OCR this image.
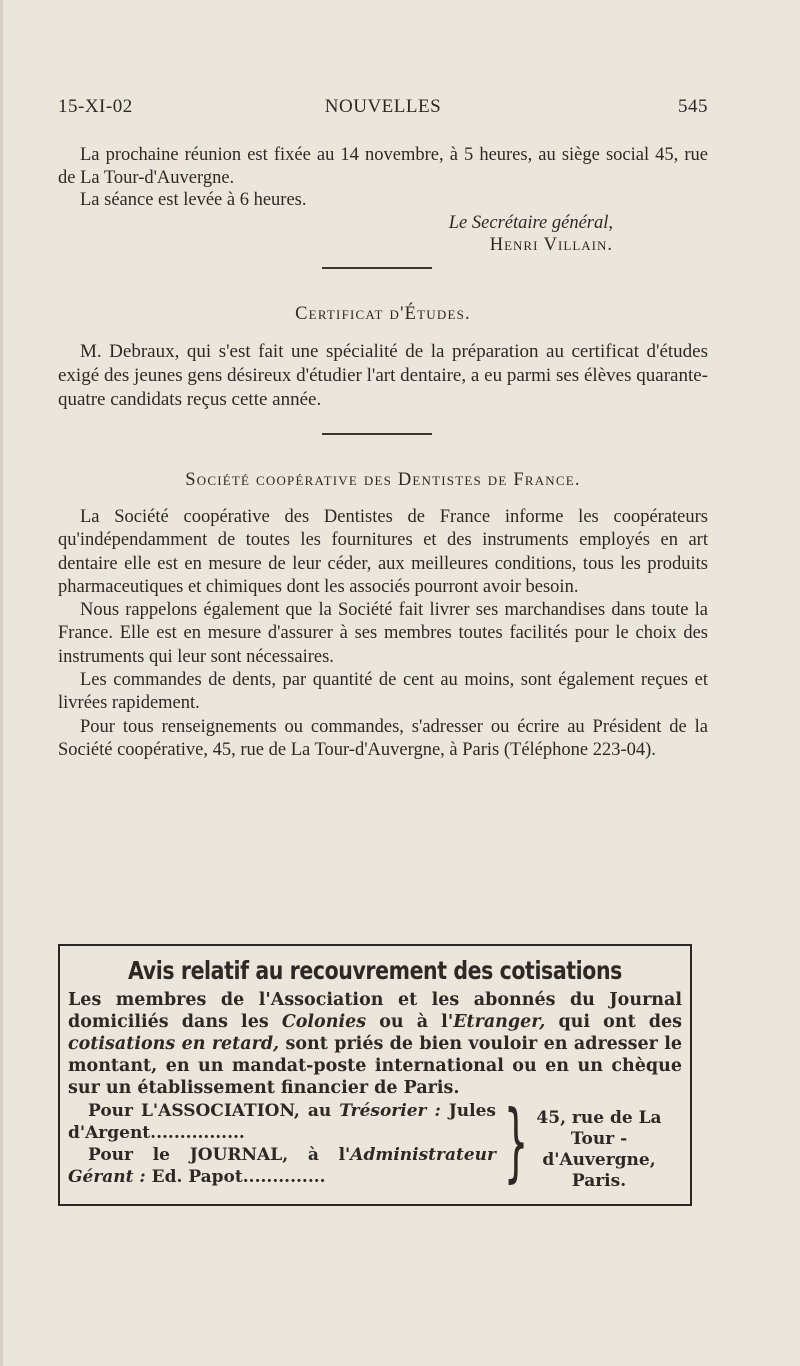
15-XI-02	NOUVELLES	545

La prochaine réunion est fixée au 14 novembre, à 5 heures, au siège social 45, rue de La Tour-d'Auvergne.

La séance est levée à 6 heures.

Le Secrétaire général,
Henri Villain.
Certificat d'Études.

M. Debraux, qui s'est fait une spécialité de la préparation au certificat d'études exigé des jeunes gens désireux d'étudier l'art dentaire, a eu parmi ses élèves quarante-quatre candidats reçus cette année.

Société coopérative des Dentistes de France.

La Société coopérative des Dentistes de France informe les coopérateurs qu'indépendamment de toutes les fournitures et des instruments employés en art dentaire elle est en mesure de leur céder, aux meilleures conditions, tous les produits pharmaceutiques et chimiques dont les associés pourront avoir besoin.

Nous rappelons également que la Société fait livrer ses marchandises dans toute la France. Elle est en mesure d'assurer à ses membres toutes facilités pour le choix des instruments qui leur sont nécessaires.

Les commandes de dents, par quantité de cent au moins, sont également reçues et livrées rapidement.

Pour tous renseignements ou commandes, s'adresser ou écrire au Président de la Société coopérative, 45, rue de La Tour-d'Auvergne, à Paris (Téléphone 223-04).

Avis relatif au recouvrement des cotisations
Les membres de l'Association et les abonnés du Journal domiciliés dans les Colonies ou à l'Etranger, qui ont des cotisations en retard, sont priés de bien vouloir en adresser le montant, en un mandat-poste international ou en un chèque sur un établissement financier de Paris.

Pour L'ASSOCIATION, au Trésorier : Jules d'Argent................

Pour le JOURNAL, à l'Administrateur Gérant : Ed. Papot..............	} 45, rue de La Tour - d'Auvergne, Paris.
